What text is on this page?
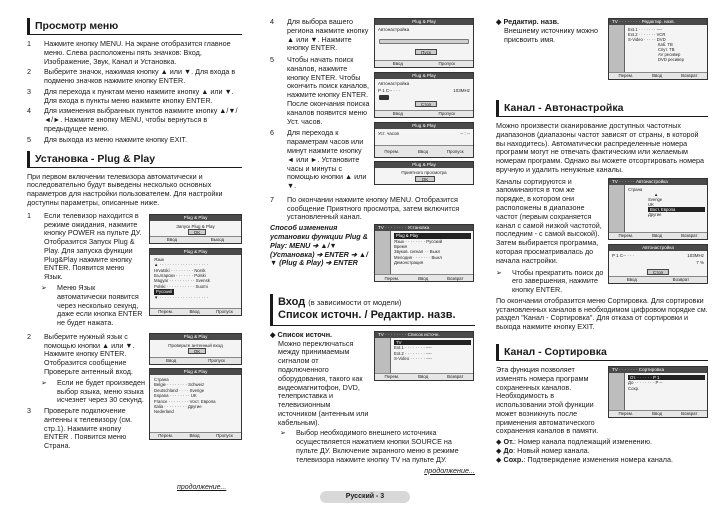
Просмотр меню
1	Нажмите кнопку MENU. На экране отобразится главное меню. Слева расположены пять значков: Вход, Изображение, Звук, Канал и Установка.
2	Выберите значок, нажимая кнопку ▲ или ▼. Для входа в подменю значков нажмите кнопку ENTER.
3	Для перехода к пунктам меню нажмите кнопку ▲ или ▼. Для входа в пункты меню нажмите кнопку ENTER.
4	Для изменения выбранных пунктов нажмите кнопку ▲/▼/◄/►. Нажмите кнопку MENU, чтобы вернуться в предыдущее меню.
5	Для выхода из меню нажмите кнопку EXIT.
Установка - Plug & Play
При первом включении телевизора автоматически и последовательно будут выведены несколько основных параметров для настройки пользователем. Для настройки доступны параметры, описанные ниже.
1	Если телевизор находится в режиме ожидания, нажмите кнопку POWER на пульте ДУ. Отобразится Запуск Plug & Play. Для запуска функции Plug&Play нажмите кнопку ENTER. Появится меню Язык.
➢	Меню Язык автоматически появится через несколько секунд, даже если кнопка ENTER не будет нажата.
Plug & Play
Запуск Plug & Play
OK
Ввод	Выход
Plug & Play
Язык
▲ · · · · · · · · · · · · · · · · · · ·
Hrvatski · · · · · · · · · Norsk
Български · · · · · · · Polski
Magyar · · · · · · · · · · Svensk
Polski · · · · · · · · · · · Suomi
Русский
▼ · · · · · · · · · · · · · · · · · · ·
Перем.	Ввод	Пропуск
2	Выберите нужный язык с помощью кнопки ▲ или ▼. Нажмите кнопку ENTER. Отобразится сообщение Проверьте антенный вход.
➢	Если не будет произведен выбор языка, меню языка исчезнет через 30 секунд.
3	Проверьте подключение антенны к телевизору (см. стр.1). Нажмите кнопку ENTER . Появится меню Страна.
Plug & Play
Проверьте антенный вход
OK
Ввод	Пропуск
Plug & Play
Страна
Belgie · · · · · · · · Schweiz
Deutschland · · · · Sverige
Espana · · · · · · · · UK
France · · · · · · · · Vост. Европа
Italia · · · · · · · · · Другие
Nederland
Перем.	Ввод	Пропуск
продолжение...
4	Для выбора вашего региона нажмите кнопку ▲ или ▼. Нажмите кнопку ENTER.
5	Чтобы начать поиск каналов, нажмите кнопку ENTER. Чтобы окончить поиск каналов, нажмите кнопку ENTER. После окончания поиска каналов появится меню Уст. часов.
6	Для перехода к параметрам часов или минут нажмите кнопку ◄ или ►. Установите часы и минуты с помощью кнопки ▲ или ▼.
Plug & Play
Автонастройка
Пуск
Ввод	Пропуск
Plug & Play
Автонастройка
P 1 C-- · · ·	103MHz
Стоп
Ввод	Пропуск
Plug & Play
Уст. часов	-- : --
Перем.	Ввод	Пропуск
Plug & Play
Приятного просмотра
OK
7	По окончании нажмите кнопку MENU. Отобразится сообщение Приятного просмотра, затем включится установленный канал.
Способ изменения установки функции Plug & Play: MENU ➔ ▲/▼ (Установка) ➔ ENTER ➔ ▲/▼ (Plug & Play) ➔ ENTER
TV · · · · · · · · Установка
Plug & Play
Язык · · · · · · · · Русский
Время
Звуков. сигнал · · Выкл
Мелодия · · · · · · · Выкл
Демонстрация
Перем.	Ввод	Возврат
Вход (в зависимости от модели)
Список источн. / Редактир. назв.
◆ Список источн.
Можно переключаться между принимаемым сигналом от подключенного оборудования, такого как видеомагнитофон, DVD, телеприставка и телевизионным источником (антенным или кабельным).
TV · · · · · · · · Список источн.
TV
Ext.1 · · · · · · · · ----
Ext.2 · · · · · · · · ----
S-Video · · · · · · ----
Перем.	Ввод	Возврат
➢	Выбор необходимого внешнего источника осуществляется нажатием кнопки SOURCE на пульте ДУ. Включение экранного меню в режиме телевизора нажмите кнопку TV на пульте ДУ.
продолжение...
◆ Редактир. назв.
Внешнему источнику можно присвоить имя.
TV · · · · · · · · Редактир. назв.
Ext.1 · · · · · · · ----
Ext.2 · · · · · · · VCR
S-Video · · · · · DVD
Каб. ТВ
Спут. ТВ
AV ресивер
DVD ресивер
Перем.	Ввод	Возврат
Канал - Автонастройка
Можно произвести сканирование доступных частотных диапазонов (диапазоны частот зависят от страны, в которой вы находитесь). Автоматически распределенные номера программ могут не отвечать фактическим или желаемым номерам программ. Однако вы можете отсортировать номера вручную и удалить ненужные каналы.
Каналы сортируются и запоминаются в том же порядке, в котором они расположены в диапазоне частот (первым сохраняется канал с самой низкой частотой, последним - с самой высокой). Затем выбирается программа, которая просматривалась до начала настройки.
➢	Чтобы прекратить поиск до его завершения, нажмите кнопку ENTER.
TV · · · · · · Автонастройка
Страна
▲
Sverige
UK
Вост. Европа
Другие
Перем.	Ввод	Возврат
Автонастройка
P 1 C-- · · ·	103MHz
7 %
Стоп
Ввод	Возврат
По окончании отобразится меню Сортировка. Для сортировки установленных каналов в необходимом цифровом порядке см. раздел "Канал - Сортировка". Для отказа от сортировки и выхода нажмите кнопку EXIT.
Канал - Сортировка
Эта функция позволяет изменять номера программ сохраненных каналов. Необходимость в использовании этой функции может возникнуть после применения автоматического сохранения каналов в памяти.
TV · · · · · · · Сортировка
От. · · · · · · P 1
До · · · · · · · · P --
Сохр.
Перем.	Ввод	Возврат
◆ От.: Номер канала подлежащий изменению.
◆ До: Новый номер канала.
◆ Сохр.: Подтверждение изменения номера канала.
Русский - 3
